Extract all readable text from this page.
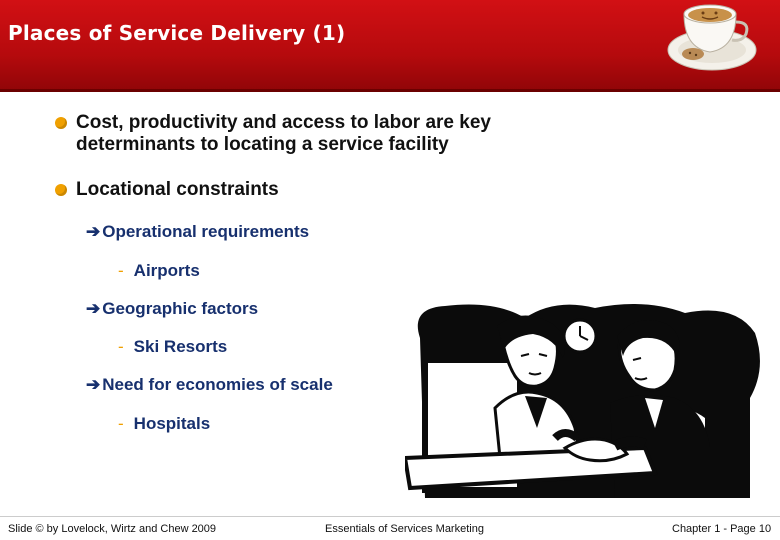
Places of Service Delivery (1)
Cost, productivity and access to labor are key
determinants to locating a service facility
Locational constraints
➔ Operational requirements
- Airports
➔ Geographic factors
- Ski Resorts
➔ Need for economies of scale
- Hospitals
Slide © by Lovelock, Wirtz and Chew 2009	Essentials of Services Marketing	Chapter 1 - Page 10
